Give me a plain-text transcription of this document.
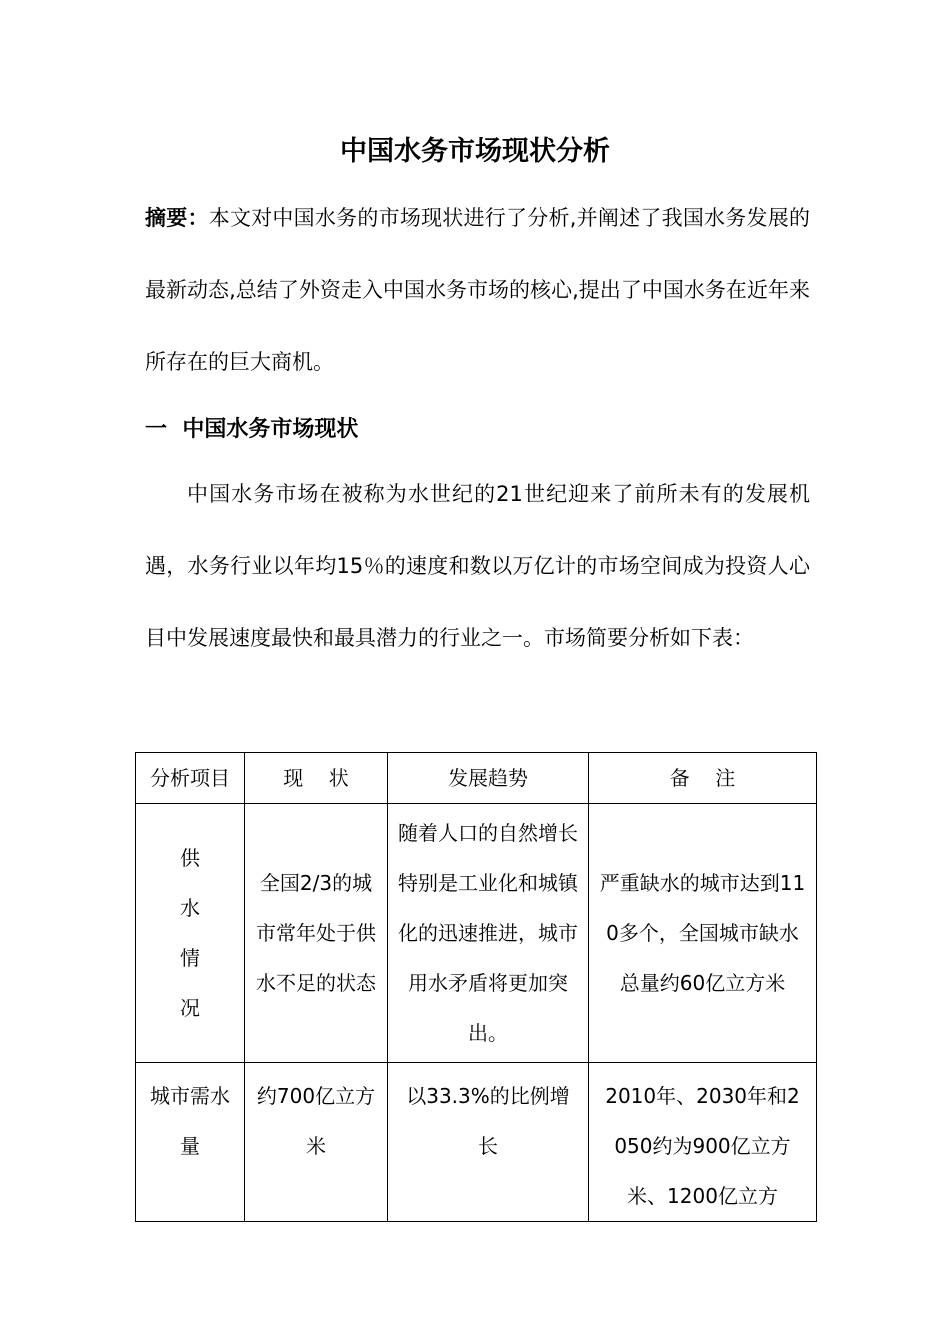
中国水务市场现状分析

摘要：本文对中国水务的市场现状进行了分析,并阐述了我国水务发展的最新动态,总结了外资走入中国水务市场的核心,提出了中国水务在近年来所存在的巨大商机。

一  中国水务市场现状

中国水务市场在被称为水世纪的21世纪迎来了前所未有的发展机遇，水务行业以年均15％的速度和数以万亿计的市场空间成为投资人心目中发展速度最快和最具潜力的行业之一。市场简要分析如下表：

分析项目	现    状	发展趋势	备    注
供水情况	全国2/3的城市常年处于供水不足的状态	随着人口的自然增长特别是工业化和城镇化的迅速推进，城市用水矛盾将更加突出。	严重缺水的城市达到110多个，全国城市缺水总量约60亿立方米
城市需水量	约700亿立方米	以33.3%的比例增长	2010年、2030年和2050约为900亿立方米、1200亿立方
